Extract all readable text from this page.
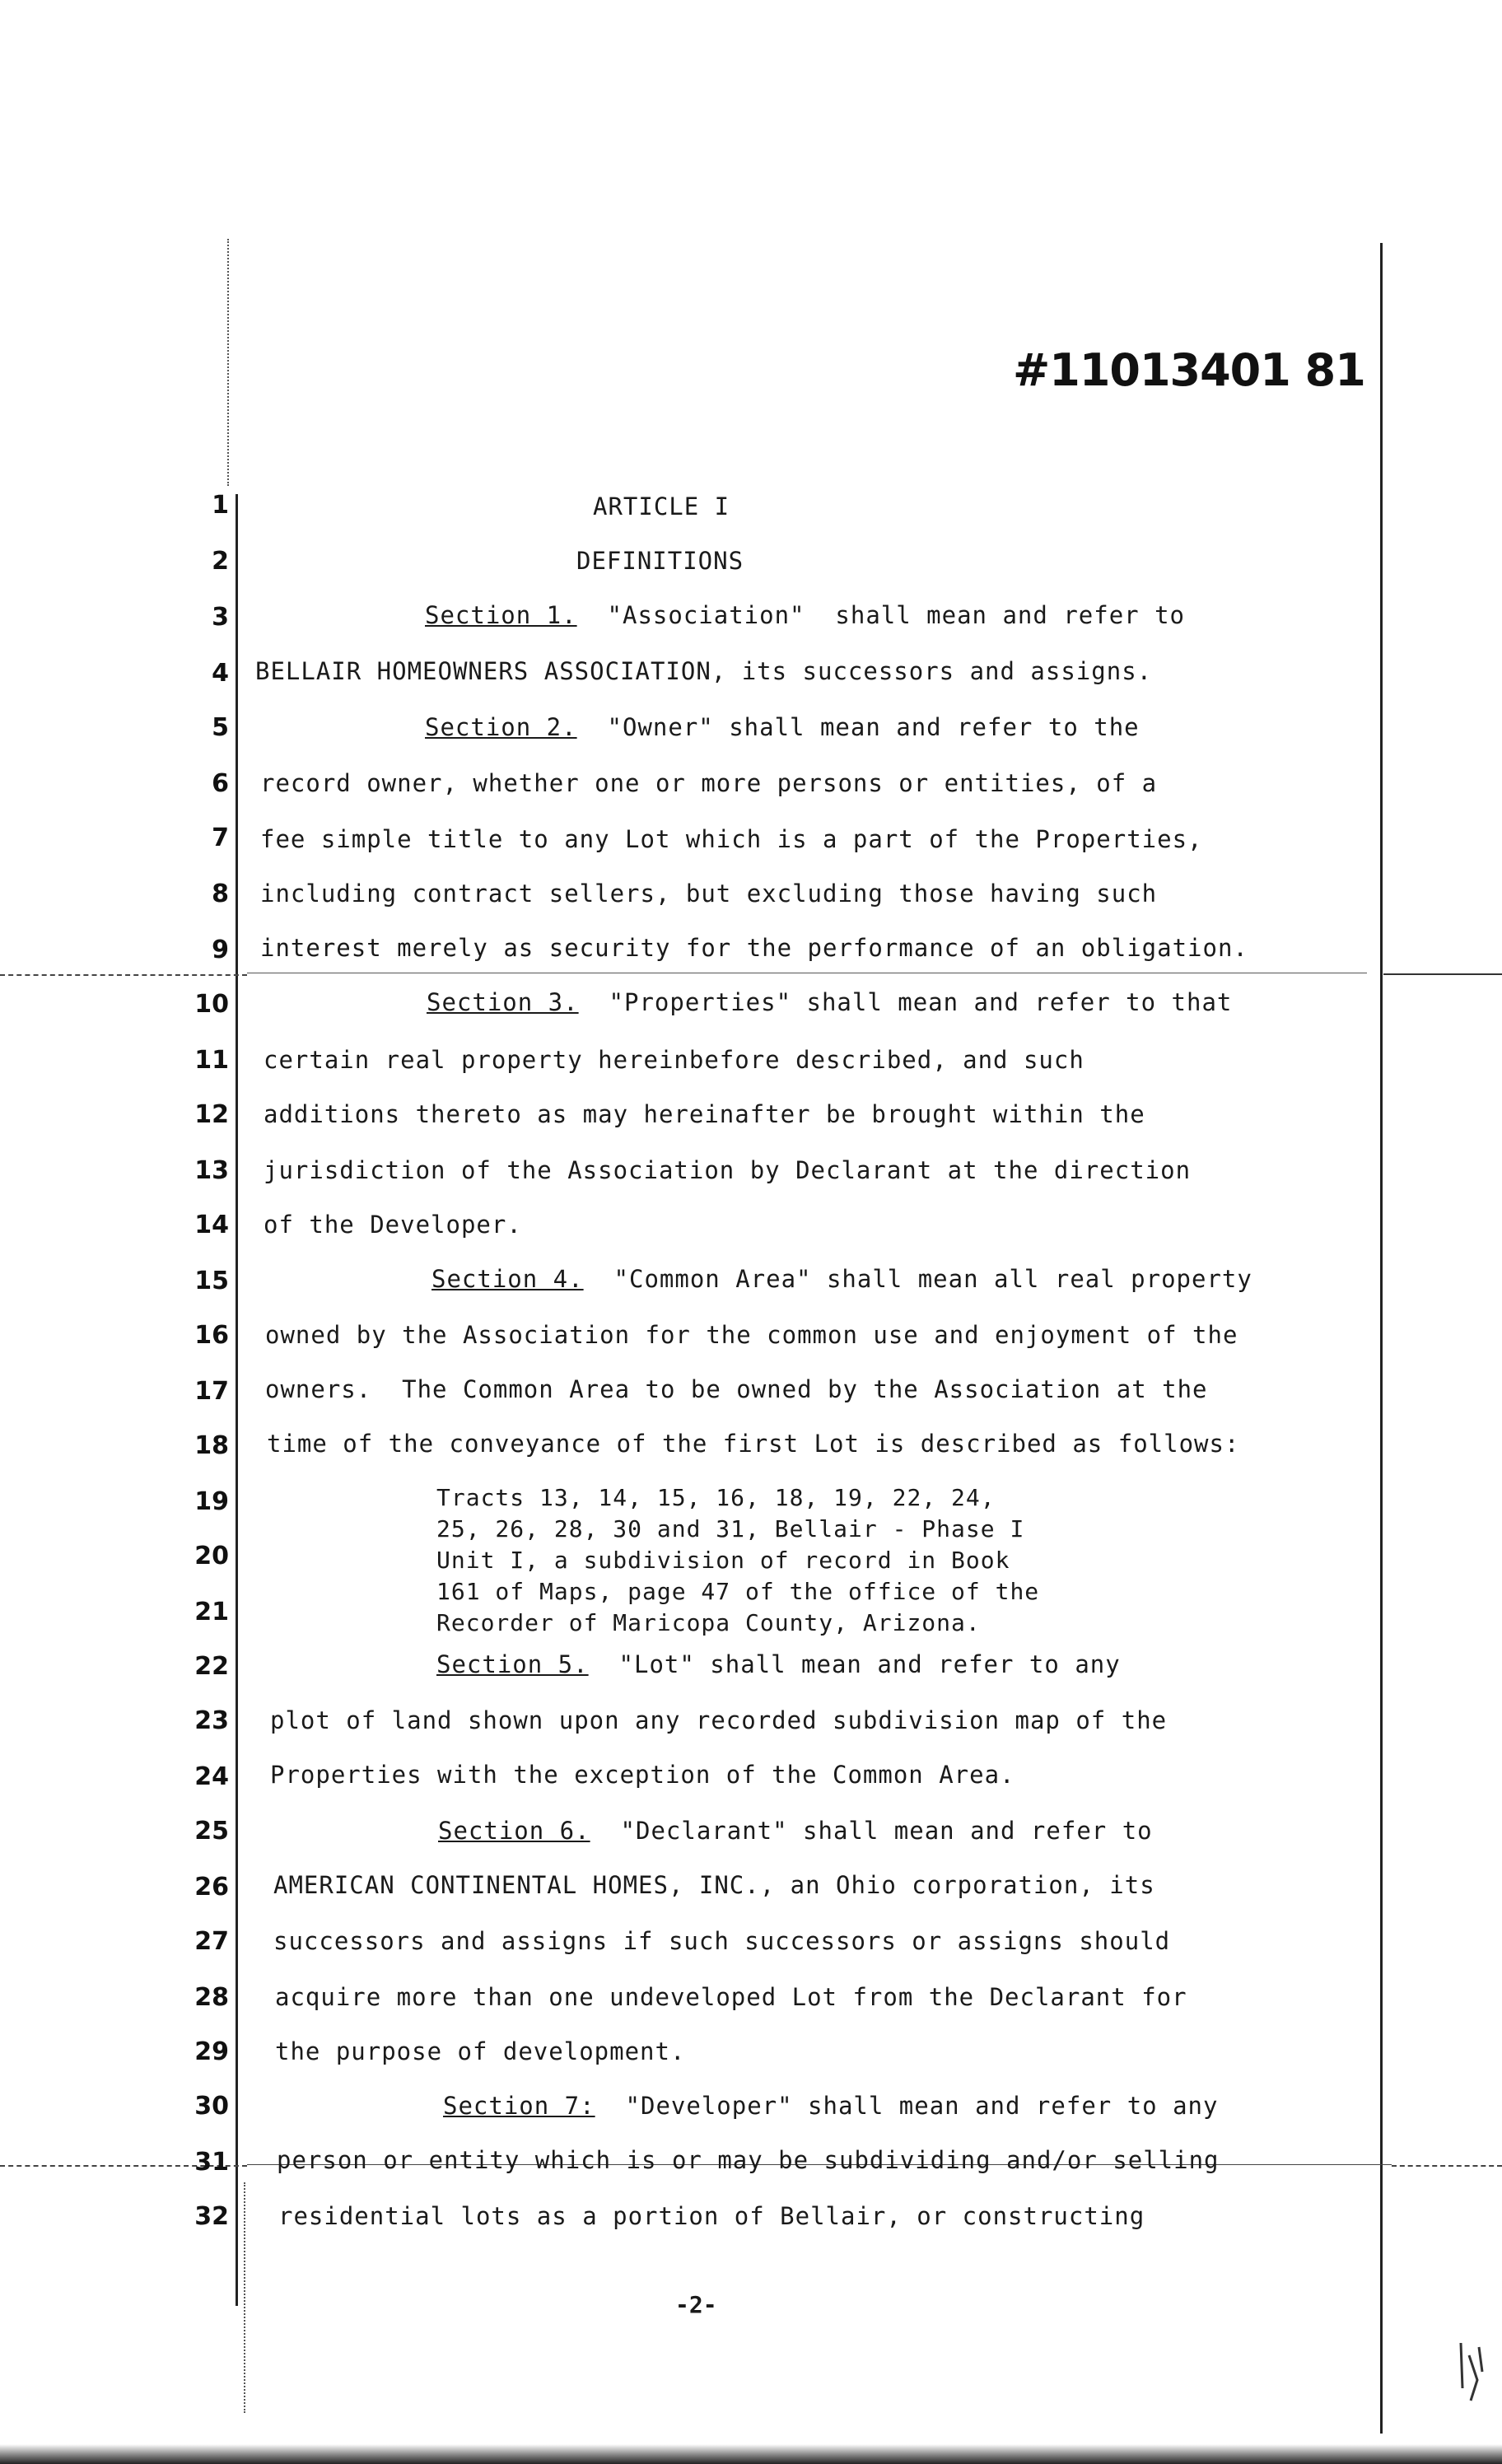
#11013401 81
1
2
3
4
5
6
7
8
9
10
11
12
13
14
15
16
17
18
19
20
21
22
23
24
25
26
27
28
29
30
31
32
ARTICLE I
DEFINITIONS
Section 1. "Association"  shall mean and refer to
BELLAIR HOMEOWNERS ASSOCIATION, its successors and assigns.
Section 2. "Owner" shall mean and refer to the
record owner, whether one or more persons or entities, of a
fee simple title to any Lot which is a part of the Properties,
including contract sellers, but excluding those having such
interest merely as security for the performance of an obligation.
Section 3. "Properties" shall mean and refer to that
certain real property hereinbefore described, and such
additions thereto as may hereinafter be brought within the
jurisdiction of the Association by Declarant at the direction
of the Developer.
Section 4. "Common Area" shall mean all real property
owned by the Association for the common use and enjoyment of the
owners.  The Common Area to be owned by the Association at the
time of the conveyance of the first Lot is described as follows:
Tracts 13, 14, 15, 16, 18, 19, 22, 24,
25, 26, 28, 30 and 31, Bellair - Phase I
Unit I, a subdivision of record in Book
161 of Maps, page 47 of the office of the
Recorder of Maricopa County, Arizona.
Section 5. "Lot" shall mean and refer to any
plot of land shown upon any recorded subdivision map of the
Properties with the exception of the Common Area.
Section 6. "Declarant" shall mean and refer to
AMERICAN CONTINENTAL HOMES, INC., an Ohio corporation, its
successors and assigns if such successors or assigns should
acquire more than one undeveloped Lot from the Declarant for
the purpose of development.
Section 7: "Developer" shall mean and refer to any
person or entity which is or may be subdividing and/or selling
residential lots as a portion of Bellair, or constructing
-2-
